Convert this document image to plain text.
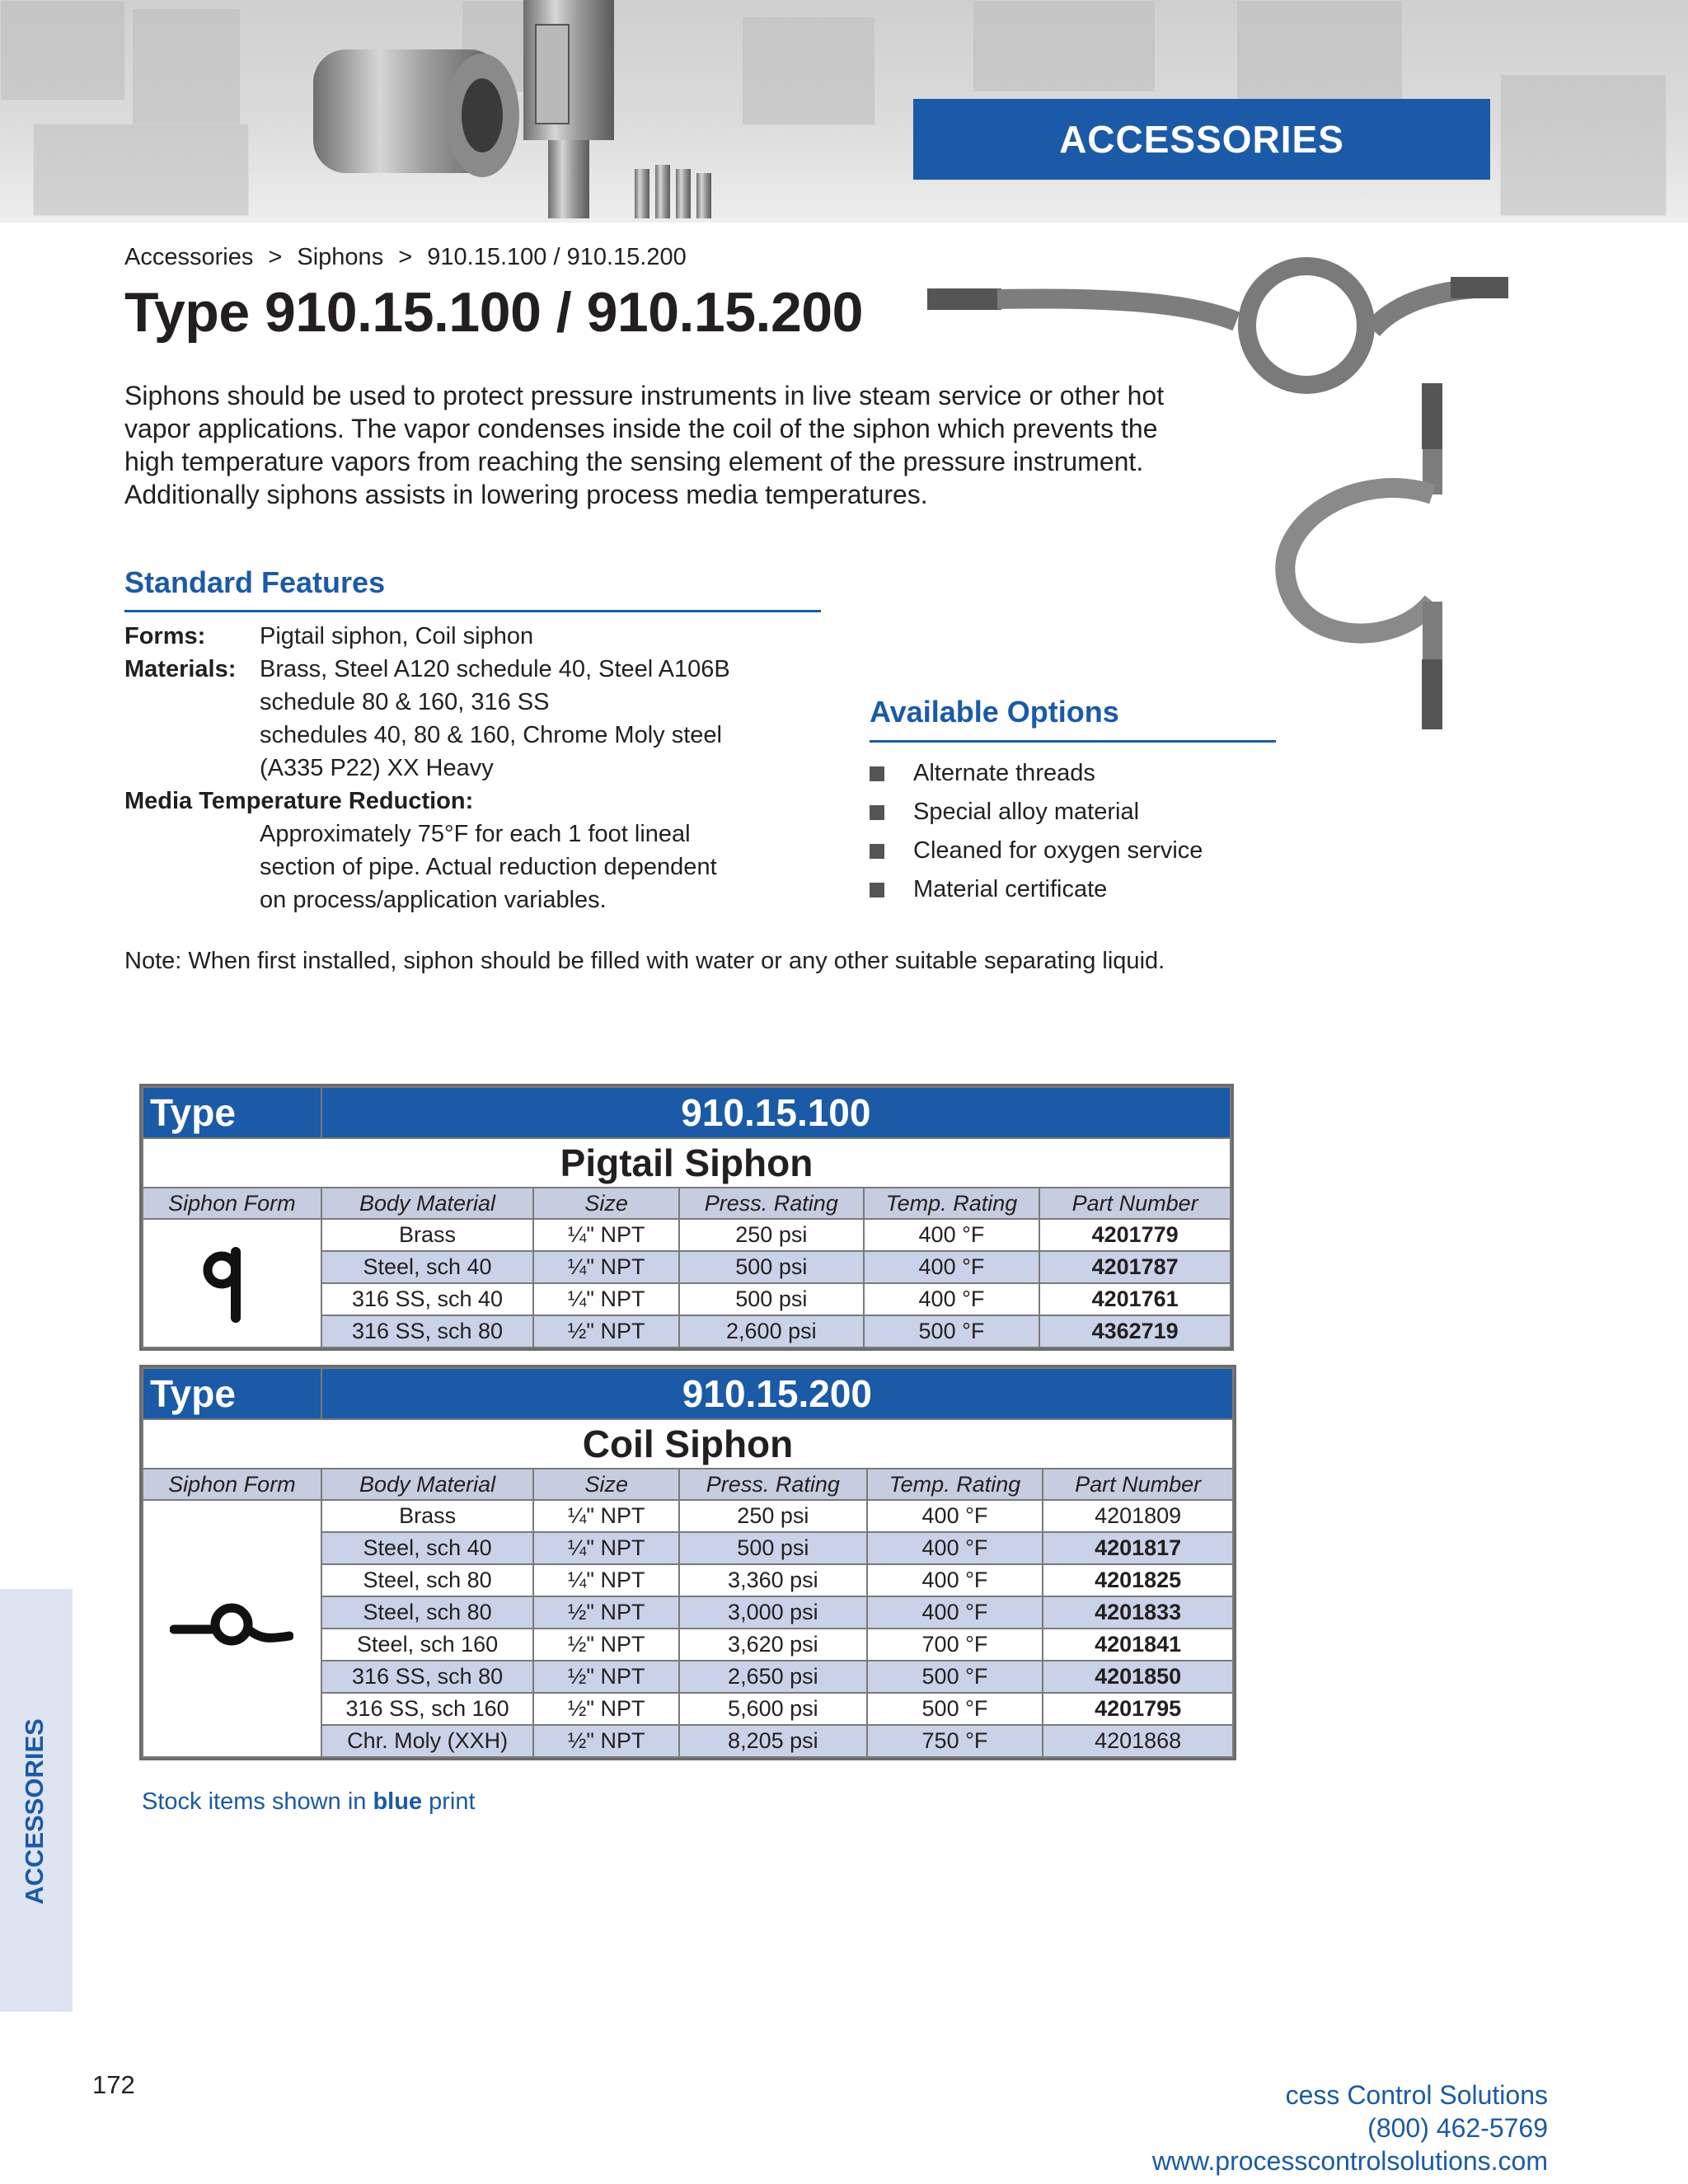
ACCESSORIES
Accessories > Siphons > 910.15.100 / 910.15.200
Type 910.15.100 / 910.15.200
Siphons should be used to protect pressure instruments in live steam service or other hot vapor applications. The vapor condenses inside the coil of the siphon which prevents the high temperature vapors from reaching the sensing element of the pressure instrument. Additionally siphons assists in lowering process media temperatures.
Standard Features
Forms: Pigtail siphon, Coil siphon
Materials: Brass, Steel A120 schedule 40, Steel A106B
schedule 80 & 160, 316 SS
schedules 40, 80 & 160, Chrome Moly steel
(A335 P22) XX Heavy
Media Temperature Reduction:
Approximately 75°F for each 1 foot lineal
section of pipe. Actual reduction dependent
on process/application variables.
Available Options
Alternate threads
Special alloy material
Cleaned for oxygen service
Material certificate
Note: When first installed, siphon should be filled with water or any other suitable separating liquid.
Type	910.15.100				
Pigtail Siphon					
Siphon Form	Body Material	Size	Press. Rating	Temp. Rating	Part Number
	Brass	¼" NPT	250 psi	400 °F	4201779
	Steel, sch 40	¼" NPT	500 psi	400 °F	4201787
	316 SS, sch 40	¼" NPT	500 psi	400 °F	4201761
	316 SS, sch 80	½" NPT	2,600 psi	500 °F	4362719
Type	910.15.200				
Coil Siphon					
Siphon Form	Body Material	Size	Press. Rating	Temp. Rating	Part Number
	Brass	¼" NPT	250 psi	400 °F	4201809
	Steel, sch 40	¼" NPT	500 psi	400 °F	4201817
	Steel, sch 80	¼" NPT	3,360 psi	400 °F	4201825
	Steel, sch 80	½" NPT	3,000 psi	400 °F	4201833
	Steel, sch 160	½" NPT	3,620 psi	700 °F	4201841
	316 SS, sch 80	½" NPT	2,650 psi	500 °F	4201850
	316 SS, sch 160	½" NPT	5,600 psi	500 °F	4201795
	Chr. Moly (XXH)	½" NPT	8,205 psi	750 °F	4201868
Stock items shown in blue print
ACCESSORIES
172	cess Control Solutions
(800) 462-5769
www.processcontrolsolutions.com
